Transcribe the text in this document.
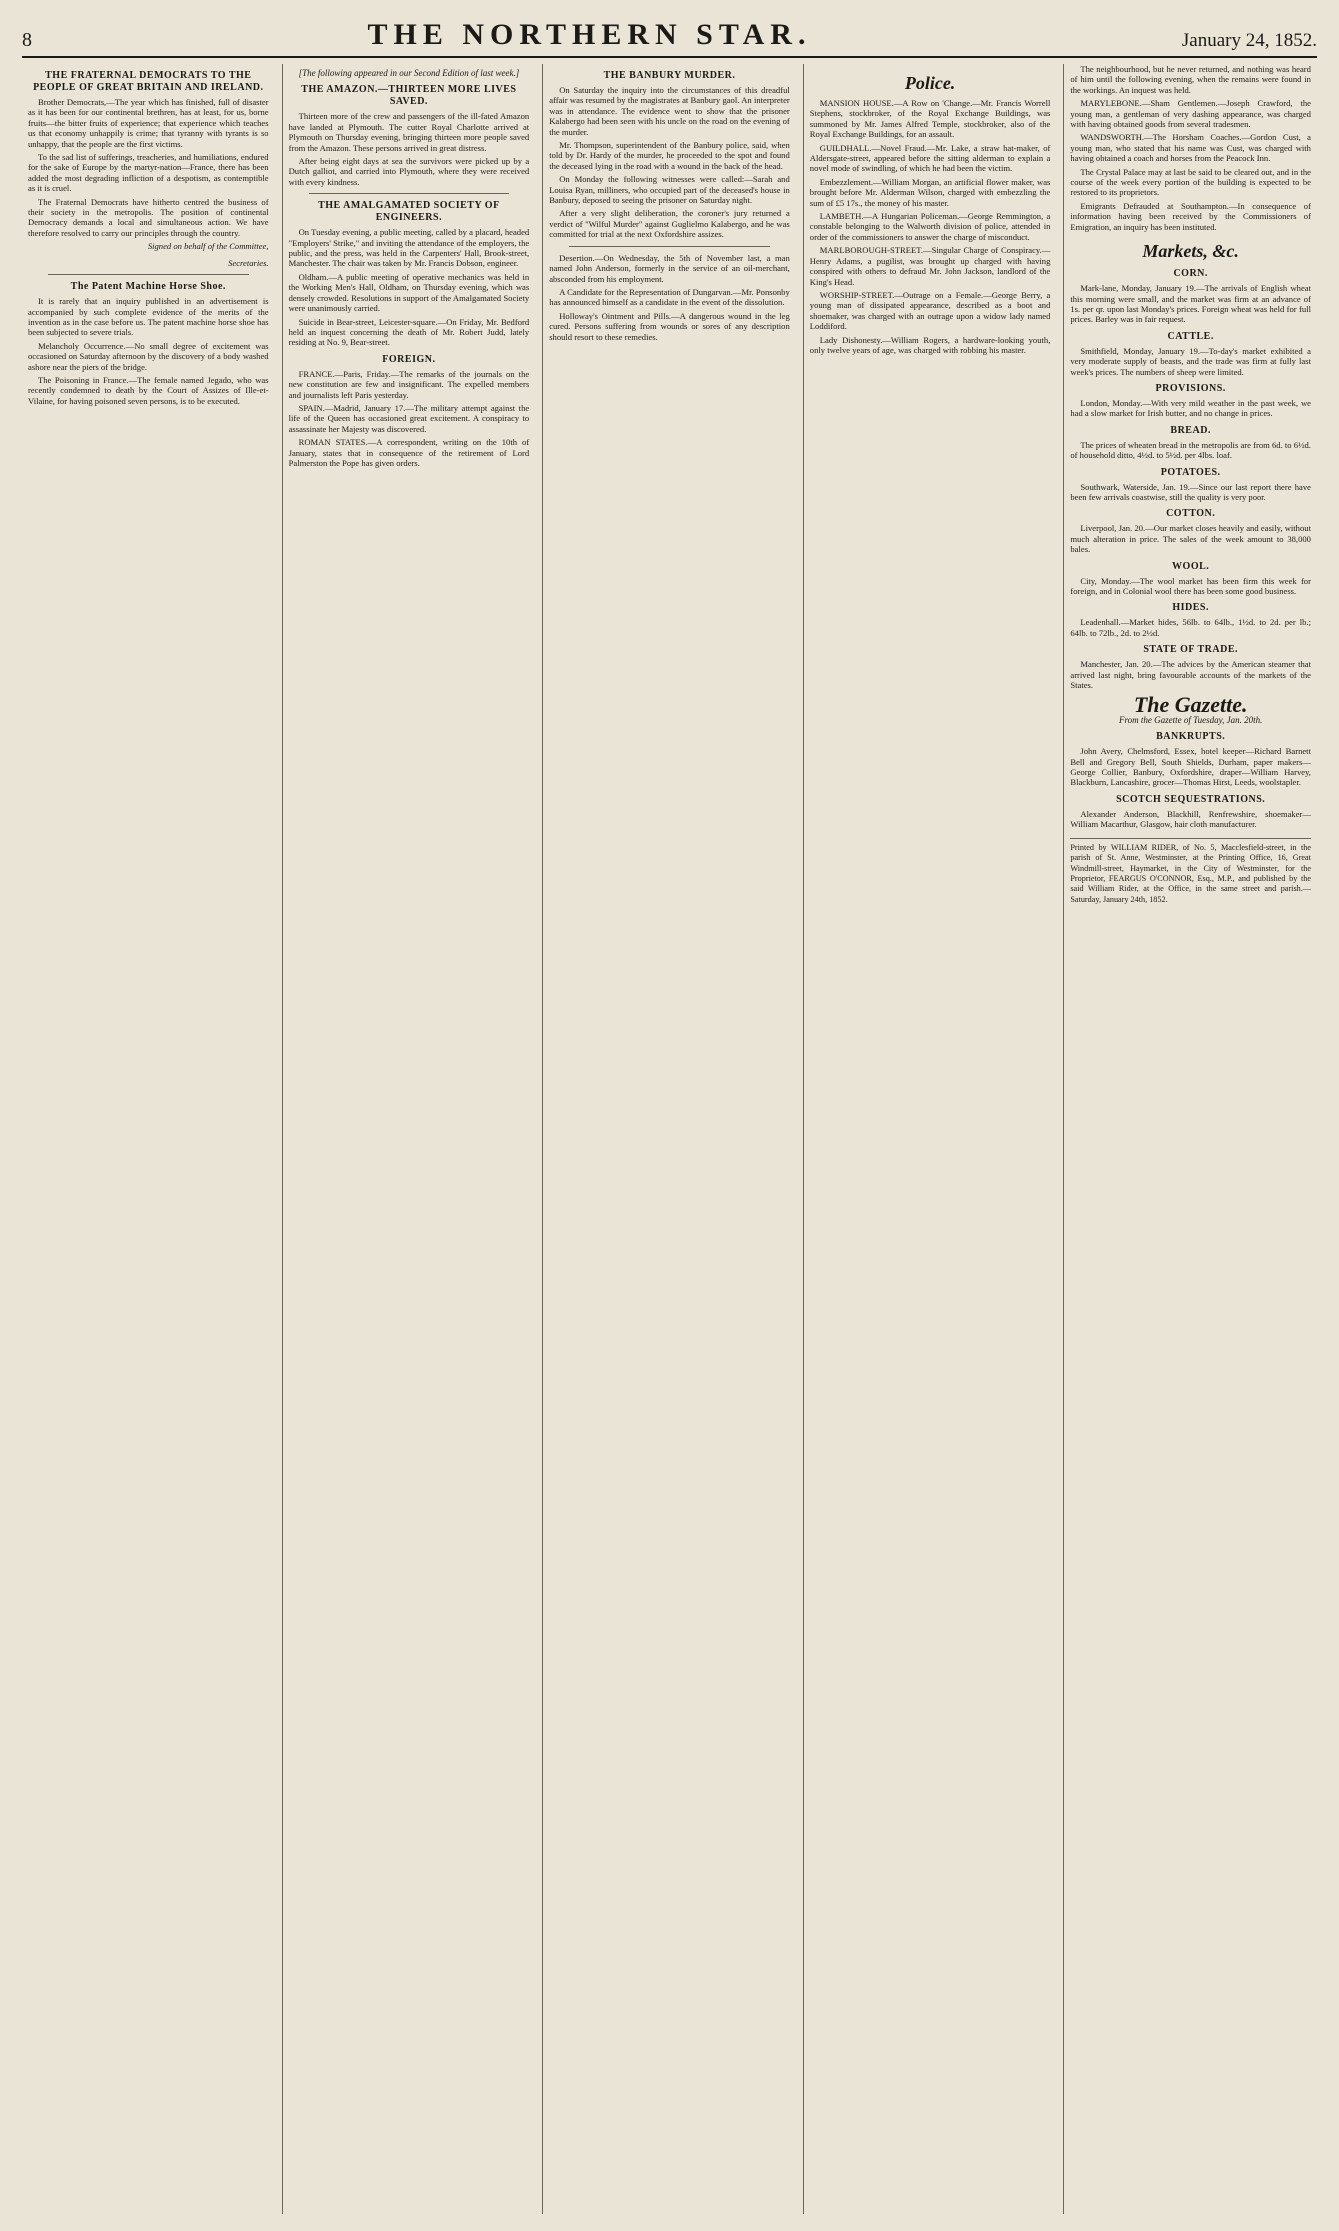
8	THE NORTHERN STAR.	January 24, 1852.
THE FRATERNAL DEMOCRATS TO THE PEOPLE OF GREAT BRITAIN AND IRELAND.

Brother Democrats,—The year which has finished, full of disaster as it has been for our continental brethren, has at least, for us, borne fruits—the bitter fruits of experience; that experience which teaches us that economy unhappily is crime; that tyranny with tyrants is so unhappy, that the people are the first victims.

To the sad list of sufferings, treacheries, and humiliations, endured for the sake of Europe by the martyr-nation—France, there has been added the most degrading infliction of a despotism, as contemptible as it is cruel.

The Fraternal Democrats have hitherto centred the business of their society in the metropolis. The position of continental Democracy demands a local and simultaneous action. We have therefore resolved to carry our principles through the country.

Signed on behalf of the Committee,
Secretaries.
The Patent Machine Horse Shoe.

It is rarely that an inquiry published in an advertisement is accompanied by such complete evidence of the merits of the invention as in the case before us. The patent machine horse shoe has been subjected to severe trials.

Melancholy Occurrence.—No small degree of excitement was occasioned on Saturday afternoon by the discovery of a body washed ashore near the piers of the bridge.

The Poisoning in France.—The female named Jegado, who was recently condemned to death by the Court of Assizes of Ille-et-Vilaine, for having poisoned seven persons, is to be executed.

[The following appeared in our Second Edition of last week.]
THE AMAZON.—THIRTEEN MORE LIVES SAVED.

Thirteen more of the crew and passengers of the ill-fated Amazon have landed at Plymouth. The cutter Royal Charlotte arrived at Plymouth on Thursday evening, bringing thirteen more people saved from the Amazon. These persons arrived in great distress.

After being eight days at sea the survivors were picked up by a Dutch galliot, and carried into Plymouth, where they were received with every kindness.

THE AMALGAMATED SOCIETY OF ENGINEERS.

On Tuesday evening, a public meeting, called by a placard, headed "Employers' Strike," and inviting the attendance of the employers, the public, and the press, was held in the Carpenters' Hall, Brook-street, Manchester. The chair was taken by Mr. Francis Dobson, engineer.

Oldham.—A public meeting of operative mechanics was held in the Working Men's Hall, Oldham, on Thursday evening, which was densely crowded. Resolutions in support of the Amalgamated Society were unanimously carried.

Suicide in Bear-street, Leicester-square.—On Friday, Mr. Bedford held an inquest concerning the death of Mr. Robert Judd, lately residing at No. 9, Bear-street.

FOREIGN.

FRANCE.—Paris, Friday.—The remarks of the journals on the new constitution are few and insignificant. The expelled members and journalists left Paris yesterday.

SPAIN.—Madrid, January 17.—The military attempt against the life of the Queen has occasioned great excitement. A conspiracy to assassinate her Majesty was discovered.

ROMAN STATES.—A correspondent, writing on the 10th of January, states that in consequence of the retirement of Lord Palmerston the Pope has given orders.

THE BANBURY MURDER.

On Saturday the inquiry into the circumstances of this dreadful affair was resumed by the magistrates at Banbury gaol. An interpreter was in attendance. The evidence went to show that the prisoner Kalabergo had been seen with his uncle on the road on the evening of the murder.

Mr. Thompson, superintendent of the Banbury police, said, when told by Dr. Hardy of the murder, he proceeded to the spot and found the deceased lying in the road with a wound in the back of the head.

On Monday the following witnesses were called:—Sarah and Louisa Ryan, milliners, who occupied part of the deceased's house in Banbury, deposed to seeing the prisoner on Saturday night.

After a very slight deliberation, the coroner's jury returned a verdict of "Wilful Murder" against Guglielmo Kalabergo, and he was committed for trial at the next Oxfordshire assizes.

Desertion.—On Wednesday, the 5th of November last, a man named John Anderson, formerly in the service of an oil-merchant, absconded from his employment.

A Candidate for the Representation of Dungarvan.—Mr. Ponsonby has announced himself as a candidate in the event of the dissolution.

Holloway's Ointment and Pills.—A dangerous wound in the leg cured. Persons suffering from wounds or sores of any description should resort to these remedies.

Police.

MANSION HOUSE.—A Row on 'Change.—Mr. Francis Worrell Stephens, stockbroker, of the Royal Exchange Buildings, was summoned by Mr. James Alfred Temple, stockbroker, also of the Royal Exchange Buildings, for an assault.

GUILDHALL.—Novel Fraud.—Mr. Lake, a straw hat-maker, of Aldersgate-street, appeared before the sitting alderman to explain a novel mode of swindling, of which he had been the victim.

Embezzlement.—William Morgan, an artificial flower maker, was brought before Mr. Alderman Wilson, charged with embezzling the sum of £5 17s., the money of his master.

LAMBETH.—A Hungarian Policeman.—George Remmington, a constable belonging to the Walworth division of police, attended in order of the commissioners to answer the charge of misconduct.

MARLBOROUGH-STREET.—Singular Charge of Conspiracy.—Henry Adams, a pugilist, was brought up charged with having conspired with others to defraud Mr. John Jackson, landlord of the King's Head.

WORSHIP-STREET.—Outrage on a Female.—George Berry, a young man of dissipated appearance, described as a boot and shoemaker, was charged with an outrage upon a widow lady named Loddiford.

Lady Dishonesty.—William Rogers, a hardware-looking youth, only twelve years of age, was charged with robbing his master.

The neighbourhood, but he never returned, and nothing was heard of him until the following evening, when the remains were found in the workings. An inquest was held.

MARYLEBONE.—Sham Gentlemen.—Joseph Crawford, the young man, a gentleman of very dashing appearance, was charged with having obtained goods from several tradesmen.

WANDSWORTH.—The Horsham Coaches.—Gordon Cust, a young man, who stated that his name was Cust, was charged with having obtained a coach and horses from the Peacock Inn.

The Crystal Palace may at last be said to be cleared out, and in the course of the week every portion of the building is expected to be restored to its proprietors.

Emigrants Defrauded at Southampton.—In consequence of information having been received by the Commissioners of Emigration, an inquiry has been instituted.

Markets, &c.
CORN.

Mark-lane, Monday, January 19.—The arrivals of English wheat this morning were small, and the market was firm at an advance of 1s. per qr. upon last Monday's prices. Foreign wheat was held for full prices. Barley was in fair request.

CATTLE.

Smithfield, Monday, January 19.—To-day's market exhibited a very moderate supply of beasts, and the trade was firm at fully last week's prices. The numbers of sheep were limited.

PROVISIONS.

London, Monday.—With very mild weather in the past week, we had a slow market for Irish butter, and no change in prices.

BREAD.

The prices of wheaten bread in the metropolis are from 6d. to 6½d. of household ditto, 4½d. to 5½d. per 4lbs. loaf.

POTATOES.

Southwark, Waterside, Jan. 19.—Since our last report there have been few arrivals coastwise, still the quality is very poor.

COTTON.

Liverpool, Jan. 20.—Our market closes heavily and easily, without much alteration in price. The sales of the week amount to 38,000 bales.

WOOL.

City, Monday.—The wool market has been firm this week for foreign, and in Colonial wool there has been some good business.

HIDES.

Leadenhall.—Market hides, 56lb. to 64lb., 1½d. to 2d. per lb.; 64lb. to 72lb., 2d. to 2½d.

STATE OF TRADE.

Manchester, Jan. 20.—The advices by the American steamer that arrived last night, bring favourable accounts of the markets of the States.

The Gazette.
From the Gazette of Tuesday, Jan. 20th.
BANKRUPTS.

John Avery, Chelmsford, Essex, hotel keeper—Richard Barnett Bell and Gregory Bell, South Shields, Durham, paper makers—George Collier, Banbury, Oxfordshire, draper—William Harvey, Blackburn, Lancashire, grocer—Thomas Hirst, Leeds, woolstapler.

SCOTCH SEQUESTRATIONS.

Alexander Anderson, Blackhill, Renfrewshire, shoemaker—William Macarthur, Glasgow, hair cloth manufacturer.

Printed by WILLIAM RIDER, of No. 5, Macclesfield-street, in the parish of St. Anne, Westminster, at the Printing Office, 16, Great Windmill-street, Haymarket, in the City of Westminster, for the Proprietor, FEARGUS O'CONNOR, Esq., M.P., and published by the said William Rider, at the Office, in the same street and parish.—Saturday, January 24th, 1852.
